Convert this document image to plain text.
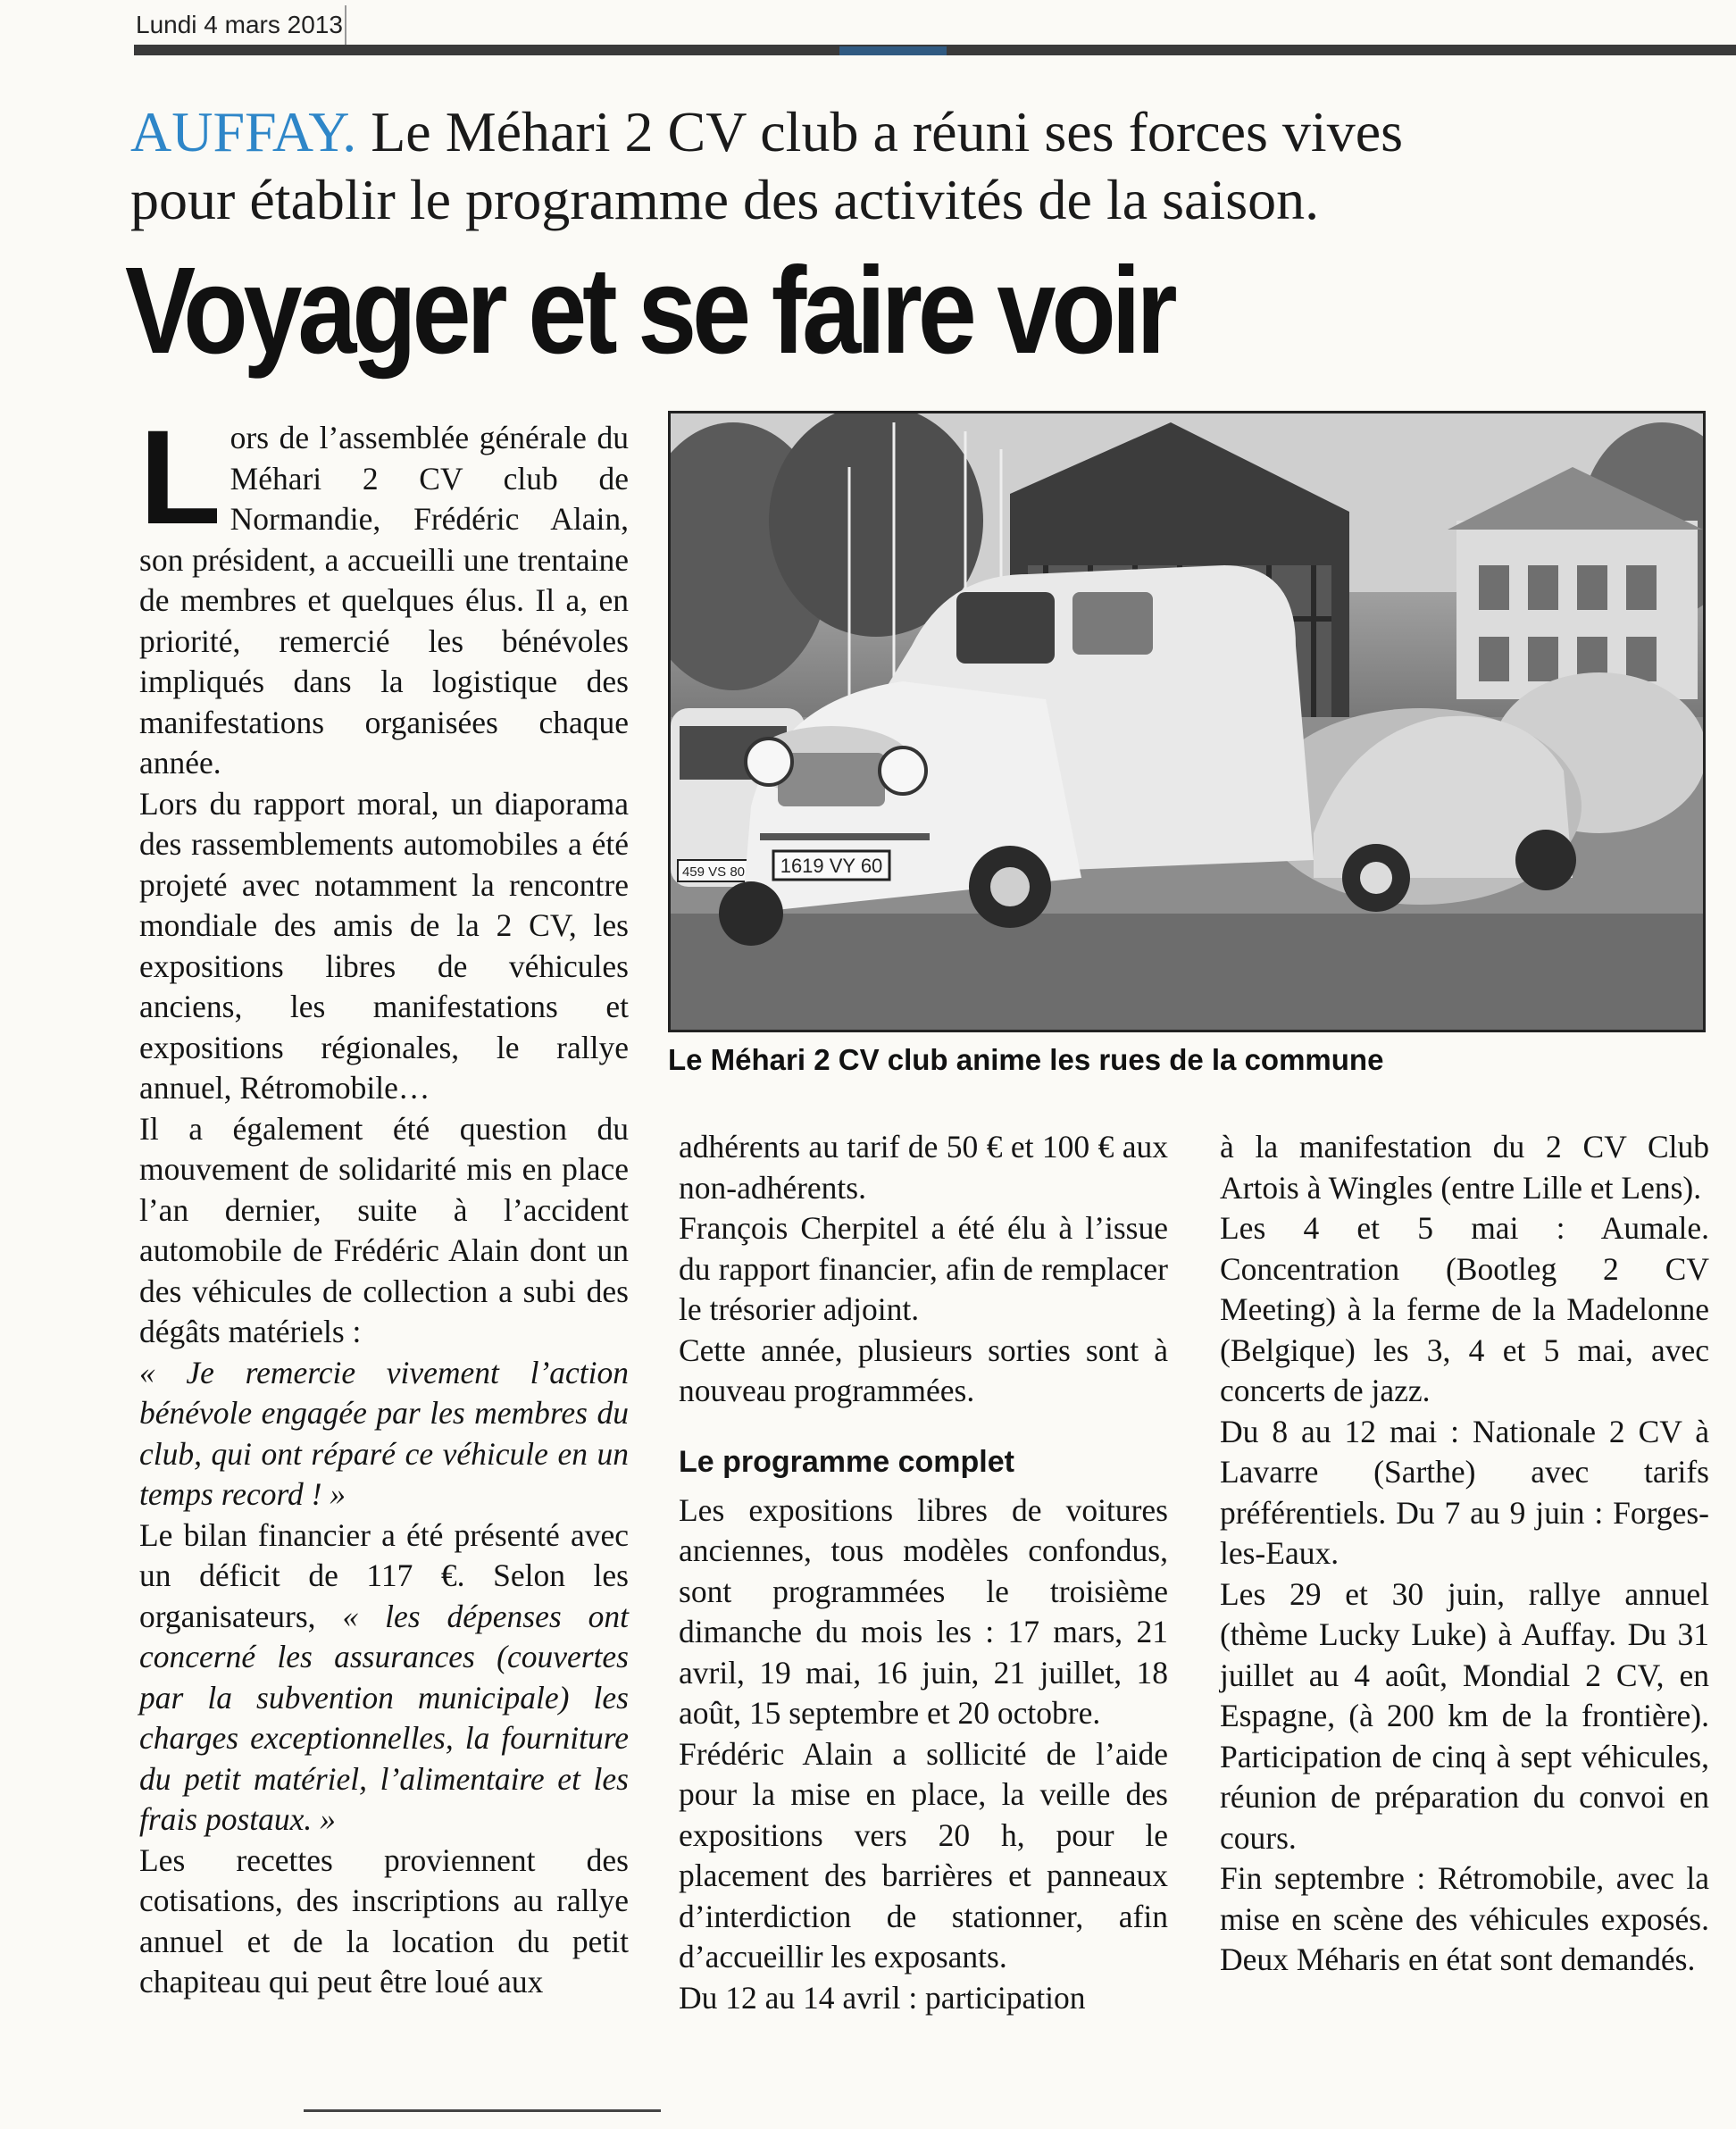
Lundi 4 mars 2013
AUFFAY. Le Méhari 2 CV club a réuni ses forces vives
pour établir le programme des activités de la saison.
Voyager et se faire voir
459 VS 80 1619 VY 60
Le Méhari 2 CV club anime les rues de la commune

Lors de l’assemblée générale du Méhari 2 CV club de Normandie, Frédéric Alain, son président, a accueilli une trentaine de membres et quelques élus. Il a, en priorité, remercié les bénévoles impliqués dans la logistique des manifestations organisées chaque année.

Lors du rapport moral, un diaporama des rassemblements automobiles a été projeté avec notamment la rencontre mondiale des amis de la 2 CV, les expositions libres de véhicules anciens, les manifestations et expositions régionales, le rallye annuel, Rétromobile…

Il a également été question du mouvement de solidarité mis en place l’an dernier, suite à l’accident automobile de Frédéric Alain dont un des véhicules de collection a subi des dégâts matériels :
« Je remercie vivement l’action bénévole engagée par les membres du club, qui ont réparé ce véhicule en un temps record ! »

Le bilan financier a été présenté avec un déficit de 117 €. Selon les organisateurs, « les dépenses ont concerné les assurances (couvertes par la subvention municipale) les charges exceptionnelles, la fourniture du petit matériel, l’alimentaire et les frais postaux. »

Les recettes proviennent des cotisations, des inscriptions au rallye annuel et de la location du petit chapiteau qui peut être loué aux

adhérents au tarif de 50 € et 100 € aux non-adhérents.

François Cherpitel a été élu à l’issue du rapport financier, afin de remplacer le trésorier adjoint.

Cette année, plusieurs sorties sont à nouveau programmées.

Le programme complet

Les expositions libres de voitures anciennes, tous modèles confondus, sont programmées le troisième dimanche du mois les : 17 mars, 21 avril, 19 mai, 16 juin, 21 juillet, 18 août, 15 septembre et 20 octobre.

Frédéric Alain a sollicité de l’aide pour la mise en place, la veille des expositions vers 20 h, pour le placement des barrières et panneaux d’interdiction de stationner, afin d’accueillir les exposants.

Du 12 au 14 avril : participation

à la manifestation du 2 CV Club Artois à Wingles (entre Lille et Lens).

Les 4 et 5 mai : Aumale. Concentration (Bootleg 2 CV Meeting) à la ferme de la Madelonne (Belgique) les 3, 4 et 5 mai, avec concerts de jazz.

Du 8 au 12 mai : Nationale 2 CV à Lavarre (Sarthe) avec tarifs préférentiels. Du 7 au 9 juin : Forges-les-Eaux.

Les 29 et 30 juin, rallye annuel (thème Lucky Luke) à Auffay. Du 31 juillet au 4 août, Mondial 2 CV, en Espagne, (à 200 km de la frontière). Participation de cinq à sept véhicules, réunion de préparation du convoi en cours.

Fin septembre : Rétromobile, avec la mise en scène des véhicules exposés. Deux Méharis en état sont demandés.
